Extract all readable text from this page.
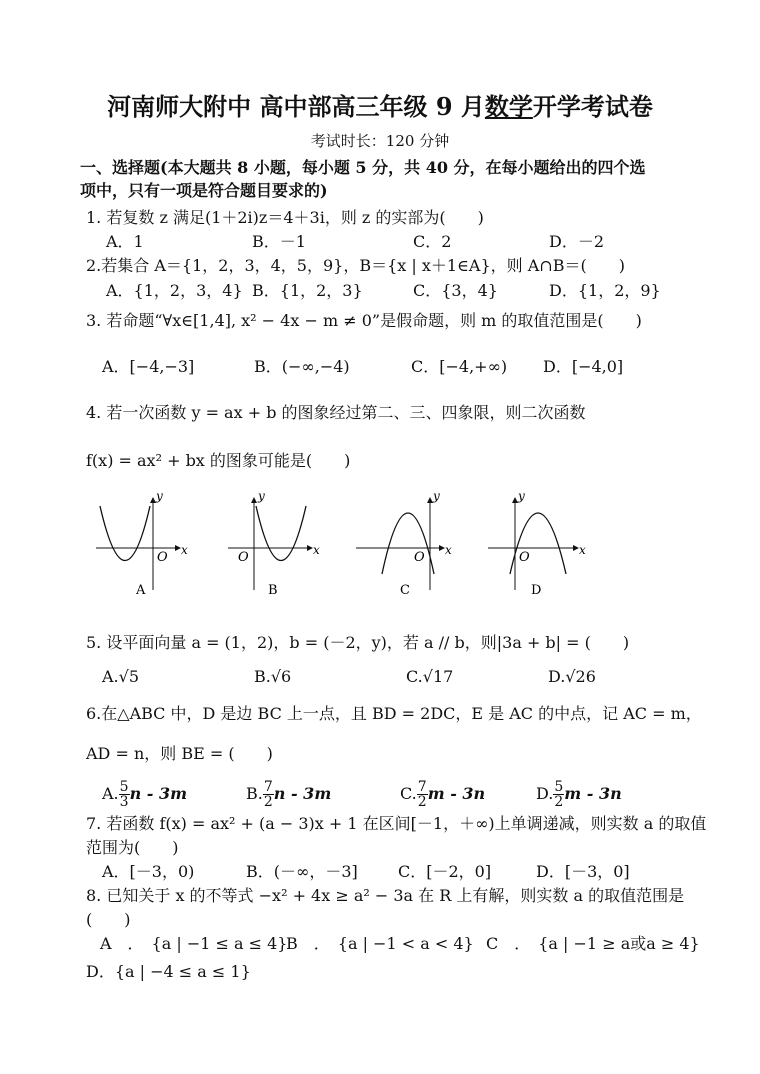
河南师大附中 高中部高三年级 9 月数学开学考试卷
考试时长：120 分钟
一、选择题(本大题共 8 小题，每小题 5 分，共 40 分，在每小题给出的四个选
项中，只有一项是符合题目要求的)
1. 若复数 z 满足(1＋2i)z＝4＋3i，则 z 的实部为(　　)
A．1	B．－1	C．2	D．－2
2.若集合 A＝{1，2，3，4，5，9}，B＝{x | x＋1∈A}，则 A∩B＝(　　)
A．{1，2，3，4} B．{1，2，3}	C．{3，4}	D．{1，2，9}
3. 若命题“∀x∈[1,4], x² − 4x − m ≠ 0”是假命题，则 m 的取值范围是(　　)
A．[−4,−3]	B．(−∞,−4)	C．[−4,+∞) D．[−4,0]
4. 若一次函数 y = ax + b 的图象经过第二、三、四象限，则二次函数
f(x) = ax² + bx 的图象可能是(　　)
y
x
O
A
y
x
O
B
y
x
O
C
y
x
O
D
5. 设平面向量 a = (1，2)，b = (－2，y)，若 a // b，则|3a + b| = (　　)
A.√5	B.√6	C.√17	D.√26
6.在△ABC 中，D 是边 BC 上一点，且 BD = 2DC，E 是 AC 的中点，记 AC = m，
AD = n，则 BE = (　　)
A. $\frac{5}{3}$ n - 3m	B. $\frac{7}{2}$ n - 3m	C. $\frac{7}{2}$ m - 3n	D. $\frac{5}{2}$ m - 3n
7. 若函数 f(x) = ax² + (a − 3)x + 1 在区间[－1，＋∞)上单调递减，则实数 a 的取值
范围为(　　)
A．[－3，0)	B．(－∞，－3]	C．[－2，0]	D．[－3，0]
8. 已知关于 x 的不等式 −x² + 4x ≥ a² − 3a 在 R 上有解，则实数 a 的取值范围是
(　　)
A　．　{a | −1 ≤ a ≤ 4}
B　．　{a | −1 < a < 4} C　．　{a | −1 ≥ a或a ≥ 4}
D．{a | −4 ≤ a ≤ 1}
